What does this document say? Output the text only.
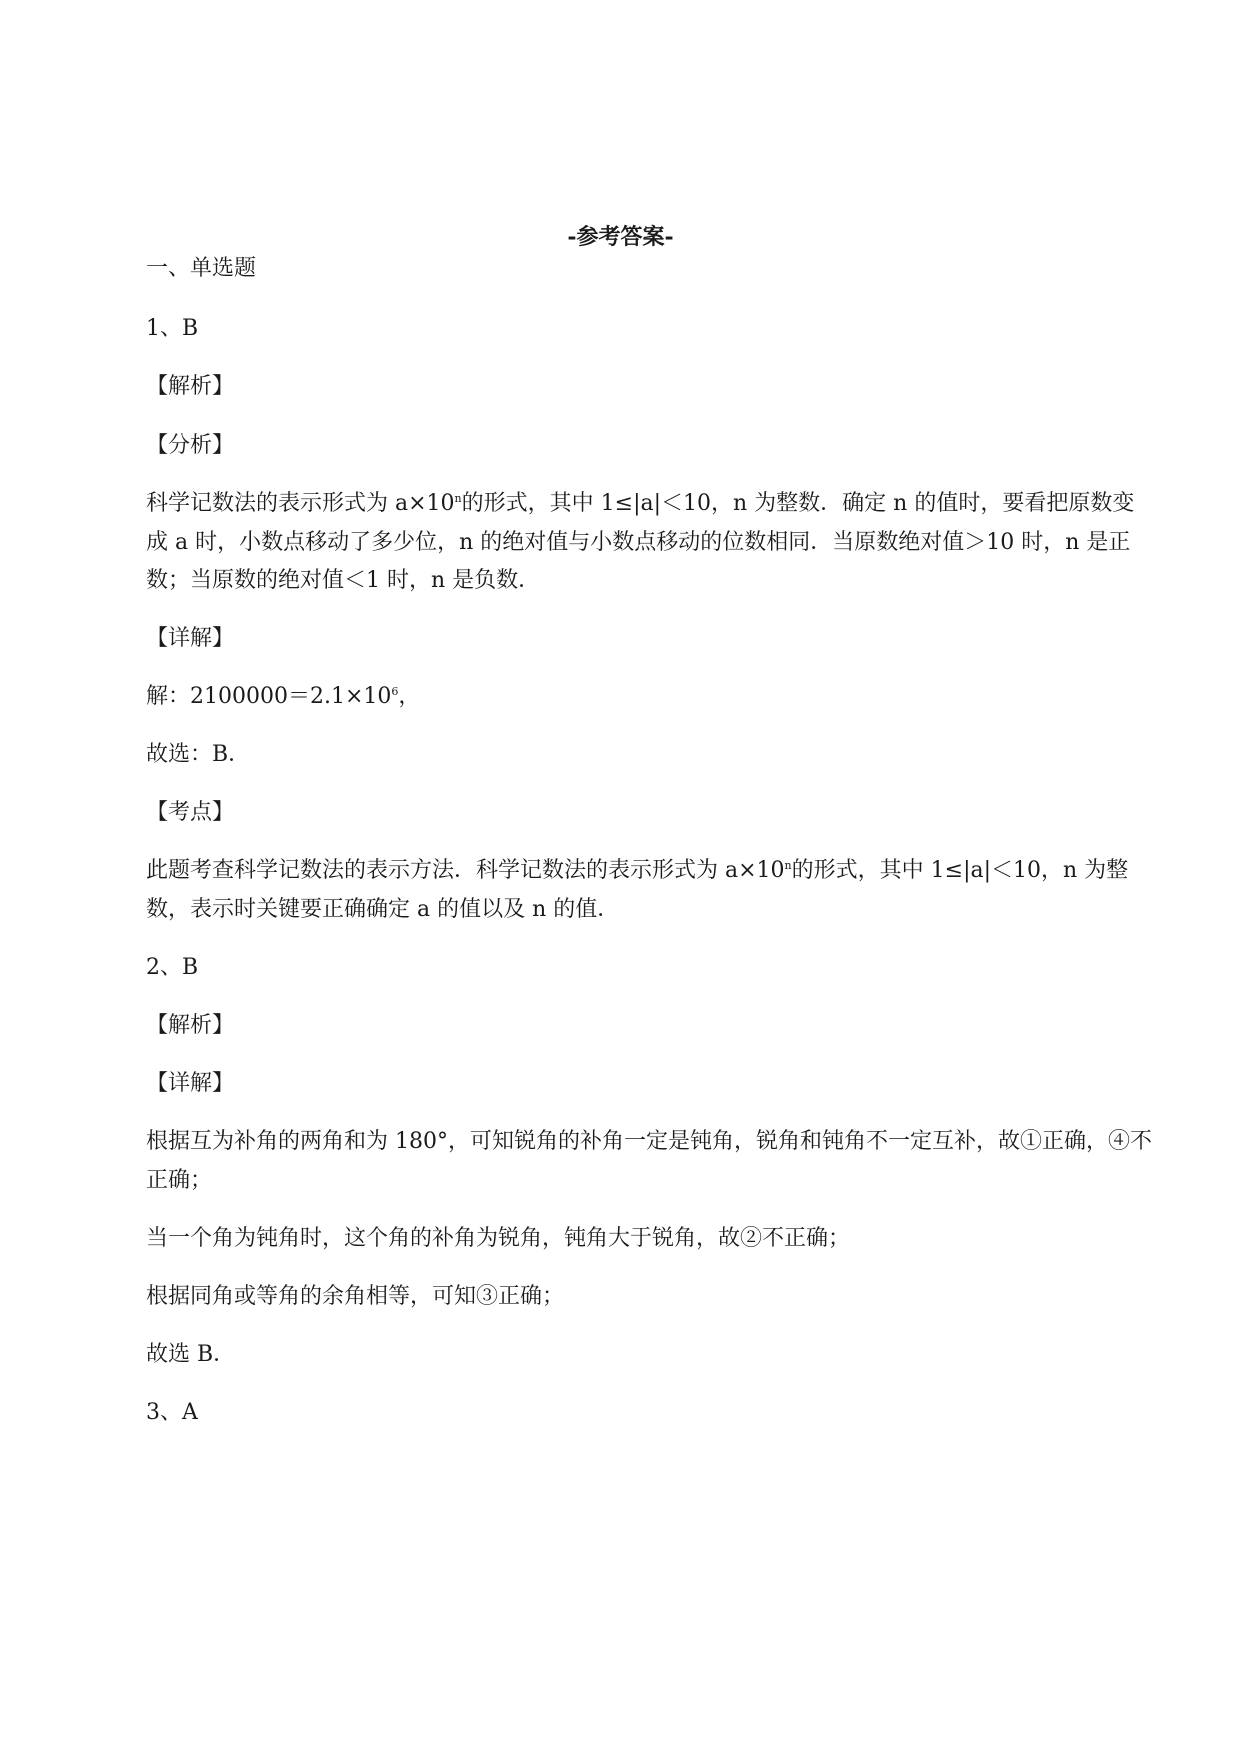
-参考答案-

一、单选题

1、B

【解析】

【分析】

科学记数法的表示形式为 $a\times 10^n$的形式，其中 1≤|a|＜10，n 为整数．确定 n 的值时，要看把原数变

成 a 时，小数点移动了多少位，n 的绝对值与小数点移动的位数相同．当原数绝对值＞10 时，n 是正

数；当原数的绝对值＜1 时，n 是负数．

【详解】

解：$2100000=2.1\times 10^6$，

故选：B．

【考点】

此题考查科学记数法的表示方法．科学记数法的表示形式为 $a\times 10^n$的形式，其中 1≤|a|＜10，n 为整

数，表示时关键要正确确定 a 的值以及 n 的值．

2、B

【解析】

【详解】

根据互为补角的两角和为 180°，可知锐角的补角一定是钝角，锐角和钝角不一定互补，故①正确，④不

正确；

当一个角为钝角时，这个角的补角为锐角，钝角大于锐角，故②不正确；

根据同角或等角的余角相等，可知③正确；

故选 B．

3、A
